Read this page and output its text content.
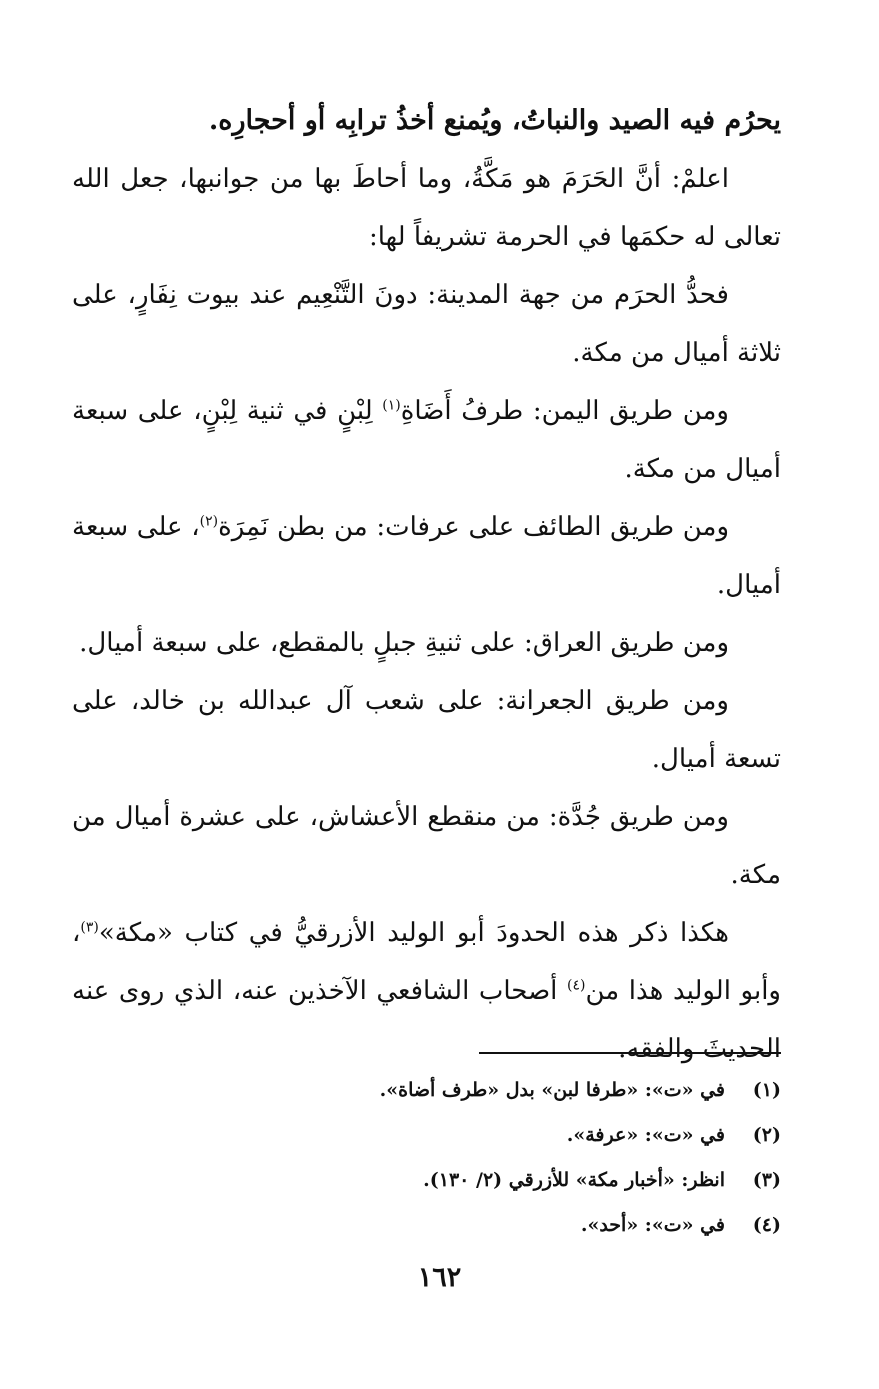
يحرُم فيه الصيد والنباتُ، ويُمنع أخذُ ترابِه أو أحجارِه.

اعلمْ: أنَّ الحَرَمَ هو مَكَّةُ، وما أحاطَ بها من جوانبها، جعل الله تعالى له حكمَها في الحرمة تشريفاً لها:

فحدُّ الحرَم من جهة المدينة: دونَ التَّنْعِيم عند بيوت نِفَارٍ، على ثلاثة أميال من مكة.

ومن طريق اليمن: طرفُ أَضَاةِ$^{(١)}$ لِبْنٍ في ثنية لِبْنٍ، على سبعة أميال من مكة.

ومن طريق الطائف على عرفات: من بطن نَمِرَة$^{(٢)}$، على سبعة أميال.

ومن طريق العراق: على ثنيةِ جبلٍ بالمقطع، على سبعة أميال.

ومن طريق الجعرانة: على شعب آل عبدالله بن خالد، على تسعة أميال.

ومن طريق جُدَّة: من منقطع الأعشاش، على عشرة أميال من مكة.

هكذا ذكر هذه الحدودَ أبو الوليد الأزرقيُّ في كتاب «مكة»$^{(٣)}$، وأبو الوليد هذا من$^{(٤)}$ أصحاب الشافعي الآخذين عنه، الذي روى عنه الحديثَ والفقه.

(١)
في «ت»: «طرفا لبن» بدل «طرف أضاة».
(٢)
في «ت»: «عرفة».
(٣)
انظر: «أخبار مكة» للأزرقي (٢/ ١٣٠).
(٤)
في «ت»: «أحد».
١٦٢
